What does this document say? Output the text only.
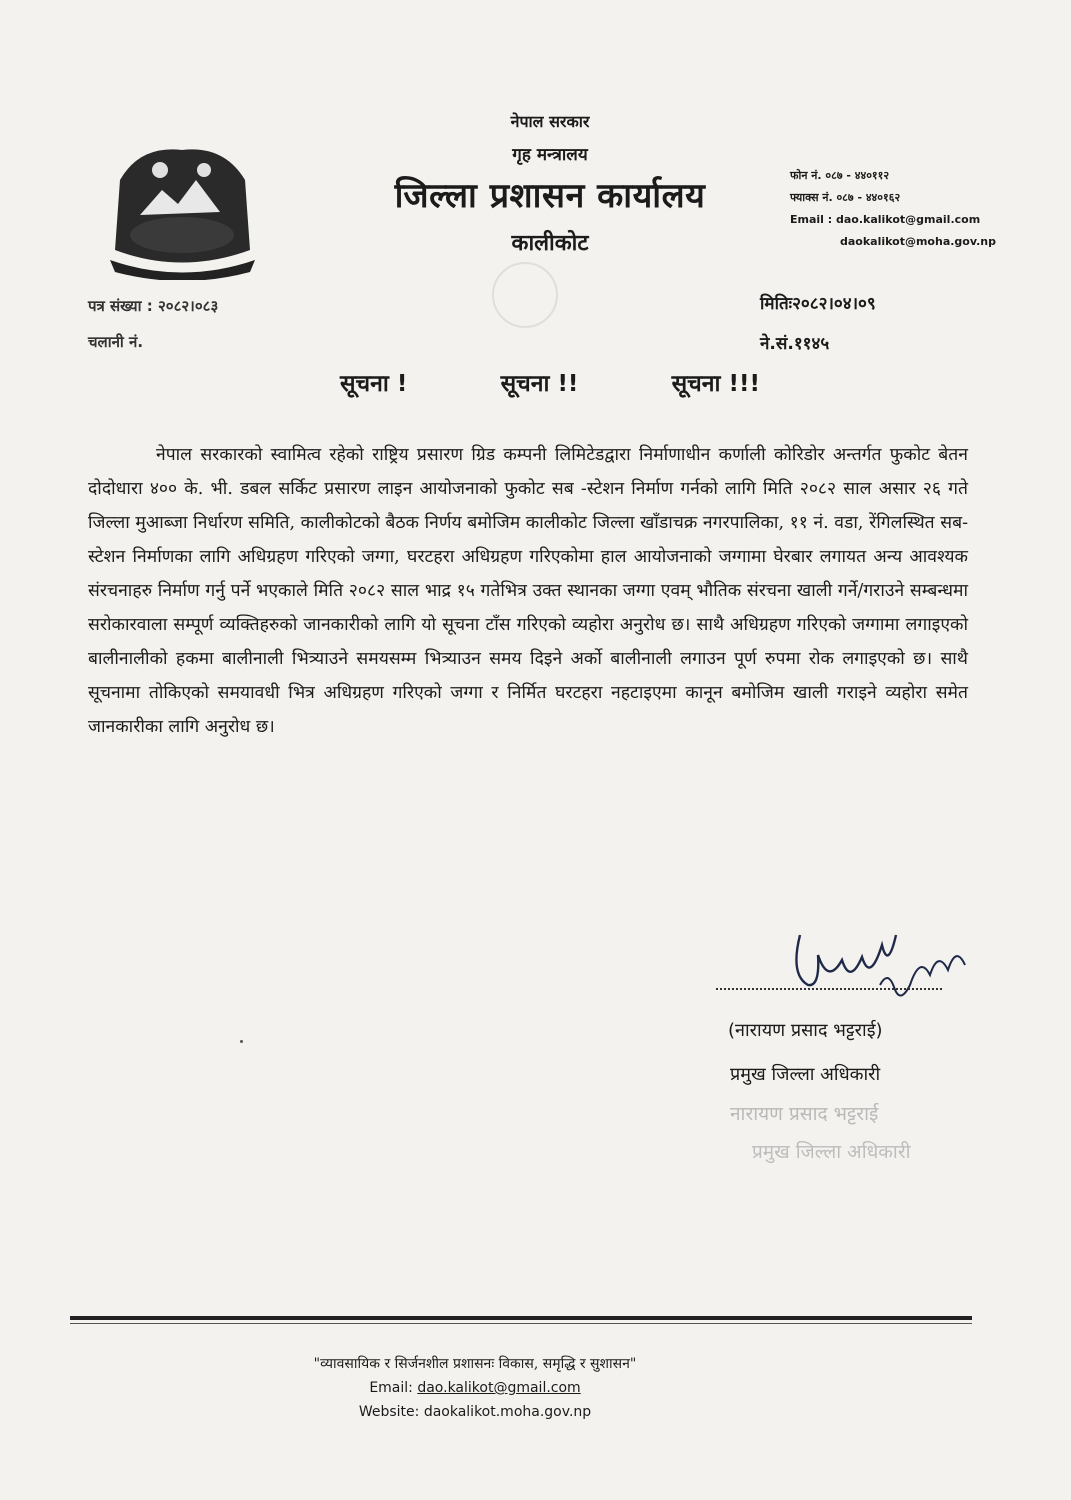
नेपाल सरकार
गृह मन्त्रालय
जिल्ला प्रशासन कार्यालय
कालीकोट
फोन नं. ०८७ - ४४०११२
फ्याक्स नं. ०८७ - ४४०१६२
Email : dao.kalikot@gmail.com
daokalikot@moha.gov.np
पत्र संख्या : २०८२।०८३
चलानी नं.
मितिः२०८२।०४।०९
ने.सं.११४५
सूचना !	सूचना !!	सूचना !!!
नेपाल सरकारको स्वामित्व रहेको राष्ट्रिय प्रसारण ग्रिड कम्पनी लिमिटेडद्वारा निर्माणाधीन कर्णाली कोरिडोर अन्तर्गत फुकोट बेतन दोदोधारा ४०० के. भी. डबल सर्किट प्रसारण लाइन आयोजनाको फुकोट सब -स्टेशन निर्माण गर्नको लागि मिति २०८२ साल असार २६ गते जिल्ला मुआब्जा निर्धारण समिति, कालीकोटको बैठक निर्णय बमोजिम कालीकोट जिल्ला खाँडाचक्र नगरपालिका, ११ नं. वडा, रेंगिलस्थित सब-स्टेशन निर्माणका लागि अधिग्रहण गरिएको जग्गा, घरटहरा अधिग्रहण गरिएकोमा हाल आयोजनाको जग्गामा घेरबार लगायत अन्य आवश्यक संरचनाहरु निर्माण गर्नु पर्ने भएकाले मिति २०८२ साल भाद्र १५ गतेभित्र उक्त स्थानका जग्गा एवम् भौतिक संरचना खाली गर्ने/गराउने सम्बन्धमा सरोकारवाला सम्पूर्ण व्यक्तिहरुको जानकारीको लागि यो सूचना टाँस गरिएको व्यहोरा अनुरोध छ। साथै अधिग्रहण गरिएको जग्गामा लगाइएको बालीनालीको हकमा बालीनाली भित्र्याउने समयसम्म भित्र्याउन समय दिइने अर्को बालीनाली लगाउन पूर्ण रुपमा रोक लगाइएको छ। साथै सूचनामा तोकिएको समयावधी भित्र अधिग्रहण गरिएको जग्गा र निर्मित घरटहरा नहटाइएमा कानून बमोजिम खाली गराइने व्यहोरा समेत जानकारीका लागि अनुरोध छ।
(नारायण प्रसाद भट्टराई)
प्रमुख जिल्ला अधिकारी
नारायण प्रसाद भट्टराई
प्रमुख जिल्ला अधिकारी
"व्यावसायिक र सिर्जनशील प्रशासनः विकास, समृद्धि र सुशासन"
Email: dao.kalikot@gmail.com
Website: daokalikot.moha.gov.np
